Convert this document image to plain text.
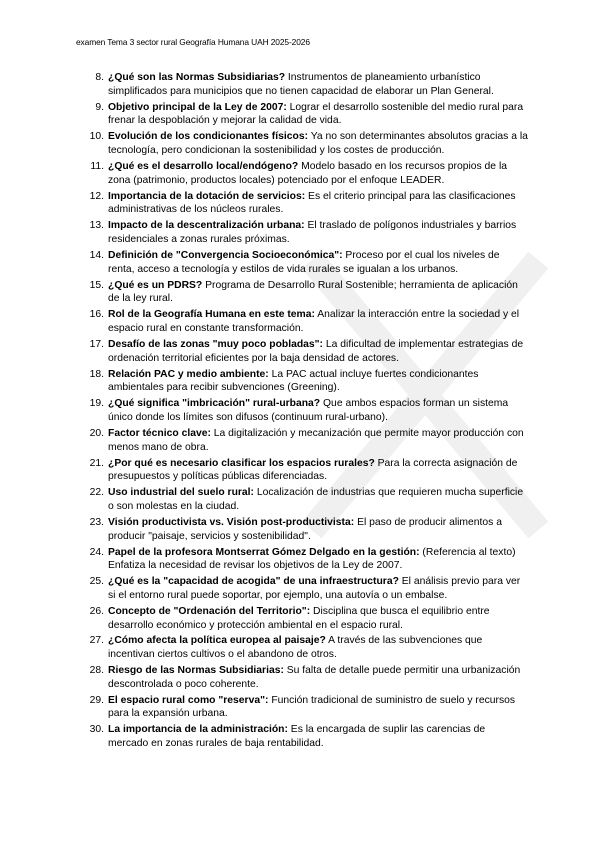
examen Tema 3 sector rural Geografía Humana UAH 2025-2026
8. ¿Qué son las Normas Subsidiarias? Instrumentos de planeamiento urbanístico simplificados para municipios que no tienen capacidad de elaborar un Plan General.
9. Objetivo principal de la Ley de 2007: Lograr el desarrollo sostenible del medio rural para frenar la despoblación y mejorar la calidad de vida.
10. Evolución de los condicionantes físicos: Ya no son determinantes absolutos gracias a la tecnología, pero condicionan la sostenibilidad y los costes de producción.
11. ¿Qué es el desarrollo local/endógeno? Modelo basado en los recursos propios de la zona (patrimonio, productos locales) potenciado por el enfoque LEADER.
12. Importancia de la dotación de servicios: Es el criterio principal para las clasificaciones administrativas de los núcleos rurales.
13. Impacto de la descentralización urbana: El traslado de polígonos industriales y barrios residenciales a zonas rurales próximas.
14. Definición de "Convergencia Socioeconómica": Proceso por el cual los niveles de renta, acceso a tecnología y estilos de vida rurales se igualan a los urbanos.
15. ¿Qué es un PDRS? Programa de Desarrollo Rural Sostenible; herramienta de aplicación de la ley rural.
16. Rol de la Geografía Humana en este tema: Analizar la interacción entre la sociedad y el espacio rural en constante transformación.
17. Desafío de las zonas "muy poco pobladas": La dificultad de implementar estrategias de ordenación territorial eficientes por la baja densidad de actores.
18. Relación PAC y medio ambiente: La PAC actual incluye fuertes condicionantes ambientales para recibir subvenciones (Greening).
19. ¿Qué significa "imbricación" rural-urbana? Que ambos espacios forman un sistema único donde los límites son difusos (continuum rural-urbano).
20. Factor técnico clave: La digitalización y mecanización que permite mayor producción con menos mano de obra.
21. ¿Por qué es necesario clasificar los espacios rurales? Para la correcta asignación de presupuestos y políticas públicas diferenciadas.
22. Uso industrial del suelo rural: Localización de industrias que requieren mucha superficie o son molestas en la ciudad.
23. Visión productivista vs. Visión post-productivista: El paso de producir alimentos a producir "paisaje, servicios y sostenibilidad".
24. Papel de la profesora Montserrat Gómez Delgado en la gestión: (Referencia al texto) Enfatiza la necesidad de revisar los objetivos de la Ley de 2007.
25. ¿Qué es la "capacidad de acogida" de una infraestructura? El análisis previo para ver si el entorno rural puede soportar, por ejemplo, una autovía o un embalse.
26. Concepto de "Ordenación del Territorio": Disciplina que busca el equilibrio entre desarrollo económico y protección ambiental en el espacio rural.
27. ¿Cómo afecta la política europea al paisaje? A través de las subvenciones que incentivan ciertos cultivos o el abandono de otros.
28. Riesgo de las Normas Subsidiarias: Su falta de detalle puede permitir una urbanización descontrolada o poco coherente.
29. El espacio rural como "reserva": Función tradicional de suministro de suelo y recursos para la expansión urbana.
30. La importancia de la administración: Es la encargada de suplir las carencias de mercado en zonas rurales de baja rentabilidad.
